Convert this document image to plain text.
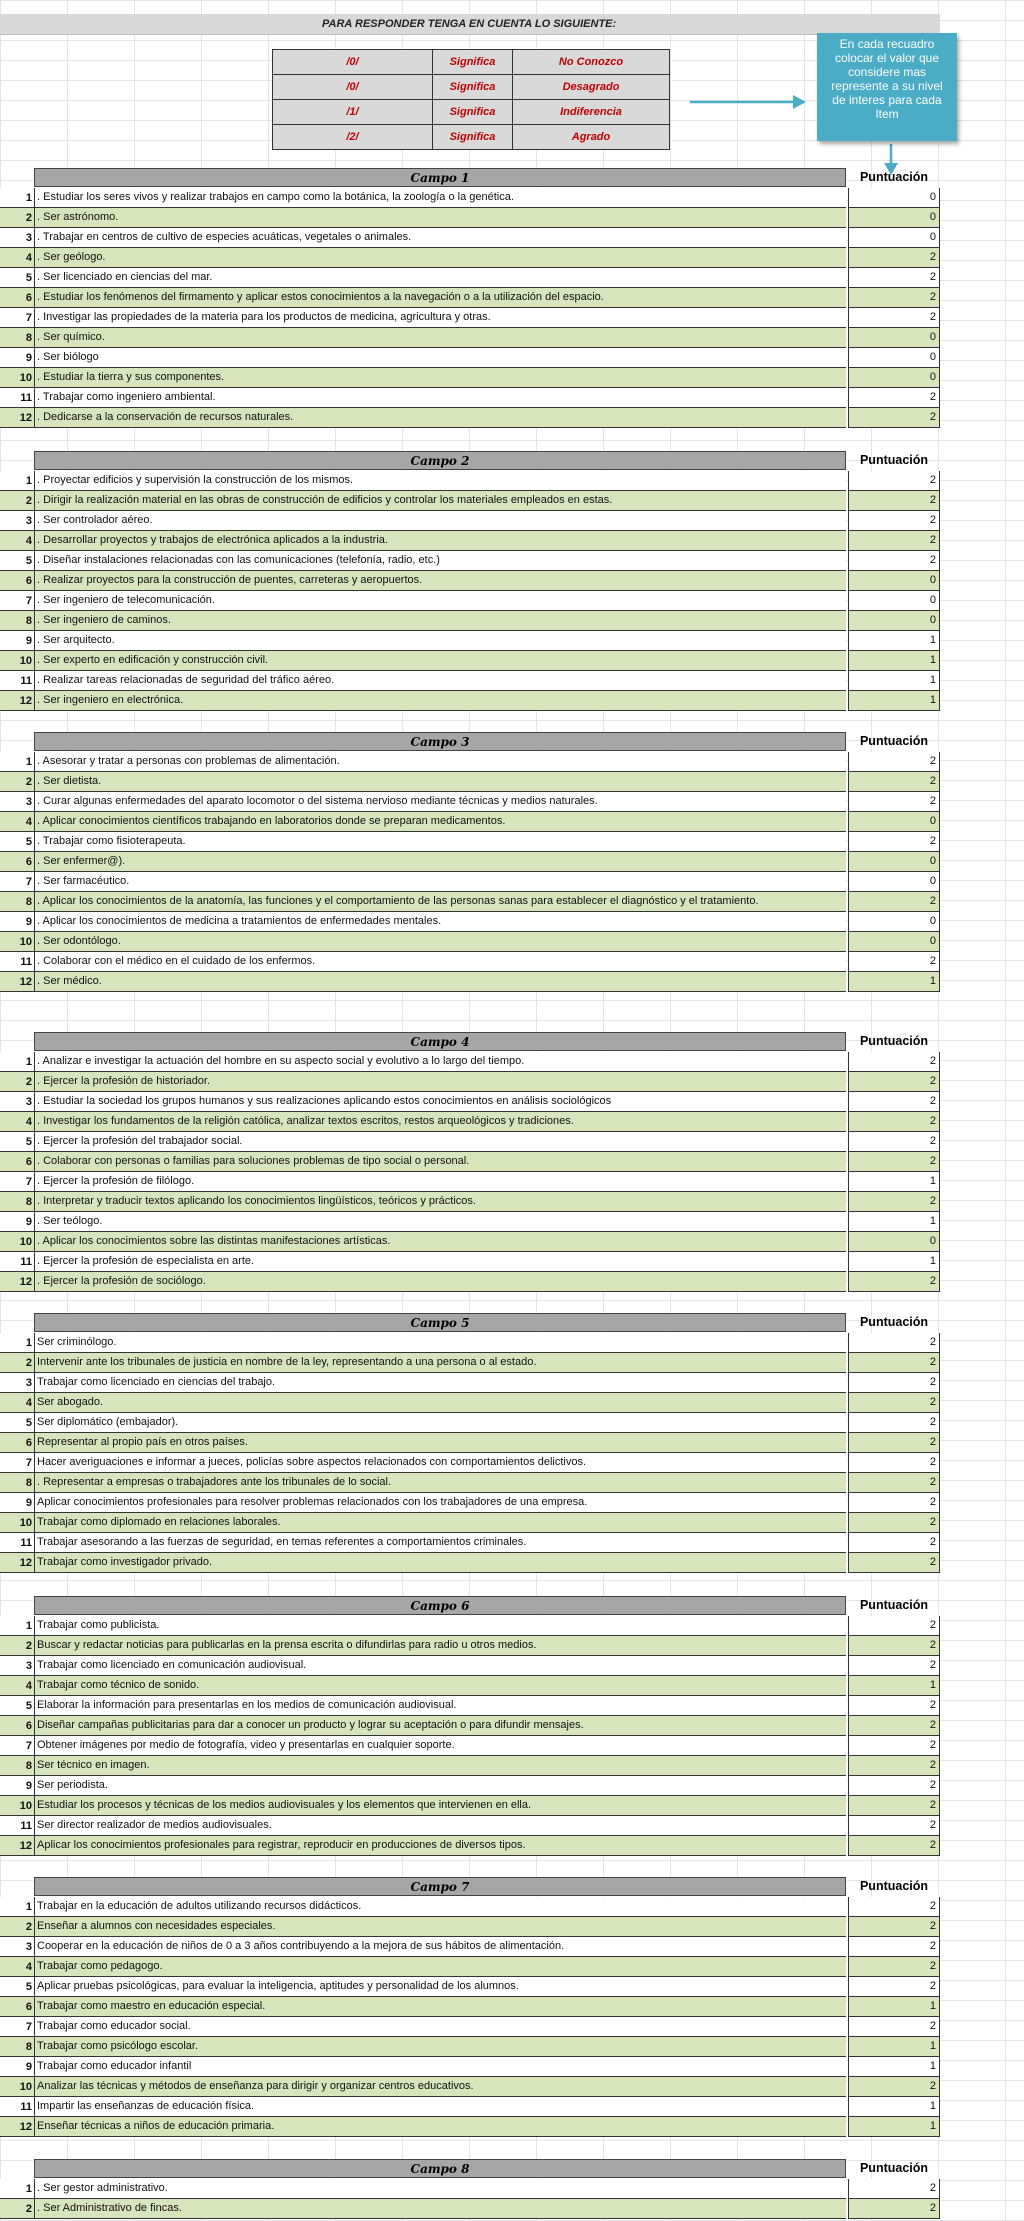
PARA RESPONDER TENGA EN CUENTA LO SIGUIENTE:
/0/	Significa	No Conozco
/0/	Significa	Desagrado
/1/	Significa	Indiferencia
/2/	Significa	Agrado
En cada recuadro colocar el valor que considere mas represente a su nivel de interes para cada Item
Campo 1	Puntuación
1 . Estudiar los seres vivos y realizar trabajos en campo como la botánica, la zoología o la genética.	0
2 . Ser astrónomo.	0
3 . Trabajar en centros de cultivo de especies acuáticas, vegetales o animales.	0
4 . Ser geólogo.	2
5 . Ser licenciado en ciencias del mar.	2
6 . Estudiar los fenómenos del firmamento y aplicar estos conocimientos a la navegación o a la utilización del espacio.	2
7 . Investigar las propiedades de la materia para los productos de medicina, agricultura y otras.	2
8 . Ser químico.	0
9 . Ser biólogo	0
10 . Estudiar la tierra y sus componentes.	0
11 . Trabajar como ingeniero ambiental.	2
12 . Dedicarse a la conservación de recursos naturales.	2
Campo 2	Puntuación
1 . Proyectar edificios y supervisión la construcción de los mismos.	2
2 . Dirigir la realización material en las obras de construcción de edificios y controlar los materiales empleados en estas.	2
3 . Ser controlador aéreo.	2
4 . Desarrollar proyectos y trabajos de electrónica aplicados a la industria.	2
5 . Diseñar instalaciones relacionadas con las comunicaciones (telefonía, radio, etc.)	2
6 . Realizar proyectos para la construcción de puentes, carreteras y aeropuertos.	0
7 . Ser ingeniero de telecomunicación.	0
8 . Ser ingeniero de caminos.	0
9 . Ser arquitecto.	1
10 . Ser experto en edificación y construcción civil.	1
11 . Realizar tareas relacionadas de seguridad del tráfico aéreo.	1
12 . Ser ingeniero en electrónica.	1
Campo 3	Puntuación
1 . Asesorar y tratar a personas con problemas de alimentación.	2
2 . Ser dietista.	2
3 . Curar algunas enfermedades del aparato locomotor o del sistema nervioso mediante técnicas y medios naturales.	2
4 . Aplicar conocimientos científicos trabajando en laboratorios donde se preparan medicamentos.	0
5 . Trabajar como fisioterapeuta.	2
6 . Ser enfermer@).	0
7 . Ser farmacéutico.	0
8 . Aplicar los conocimientos de la anatomía, las funciones y el comportamiento de las personas sanas para establecer el diagnóstico y el tratamiento.	2
9 . Aplicar los conocimientos de medicina a tratamientos de enfermedades mentales.	0
10 . Ser odontólogo.	0
11 . Colaborar con el médico en el cuidado de los enfermos.	2
12 . Ser médico.	1
Campo 4	Puntuación
1 . Analizar e investigar la actuación del hombre en su aspecto social y evolutivo a lo largo del tiempo.	2
2 . Ejercer la profesión de historiador.	2
3 . Estudiar la sociedad los grupos humanos y sus realizaciones aplicando estos conocimientos en análisis sociológicos	2
4 . Investigar los fundamentos de la religión católica, analizar textos escritos, restos arqueológicos y tradiciones.	2
5 . Ejercer la profesión del trabajador social.	2
6 . Colaborar con personas o familias para soluciones problemas de tipo social o personal.	2
7 . Ejercer la profesión de filólogo.	1
8 . Interpretar y traducir textos aplicando los conocimientos lingüísticos, teóricos y prácticos.	2
9 . Ser teólogo.	1
10 . Aplicar los conocimientos sobre las distintas manifestaciones artísticas.	0
11 . Ejercer la profesión de especialista en arte.	1
12 . Ejercer la profesión de sociólogo.	2
Campo 5	Puntuación
1 Ser criminólogo.	2
2 Intervenir ante los tribunales de justicia en nombre de la ley, representando a una persona o al estado.	2
3 Trabajar como licenciado en ciencias del trabajo.	2
4 Ser abogado.	2
5 Ser diplomático (embajador).	2
6 Representar al propio país en otros países.	2
7 Hacer averiguaciones e informar a jueces, policías sobre aspectos relacionados con comportamientos delictivos.	2
8 . Representar a empresas o trabajadores ante los tribunales de lo social.	2
9 Aplicar conocimientos profesionales para resolver problemas relacionados con los trabajadores de una empresa.	2
10 Trabajar como diplomado en relaciones laborales.	2
11 Trabajar asesorando a las fuerzas de seguridad, en temas referentes a comportamientos criminales.	2
12 Trabajar como investigador privado.	2
Campo 6	Puntuación
1 Trabajar como publicista.	2
2 Buscar y redactar noticias para publicarlas en la prensa escrita o difundirlas para radio u otros medios.	2
3 Trabajar como licenciado en comunicación audiovisual.	2
4 Trabajar como técnico de sonido.	1
5 Elaborar la información para presentarlas en los medios de comunicación audiovisual.	2
6 Diseñar campañas publicitarias para dar a conocer un producto y lograr su aceptación o para difundir mensajes.	2
7 Obtener imágenes por medio de fotografía, video y presentarlas en cualquier soporte.	2
8 Ser técnico en imagen.	2
9 Ser periodista.	2
10 Estudiar los procesos y técnicas de los medios audiovisuales y los elementos que intervienen en ella.	2
11 Ser director realizador de medios audiovisuales.	2
12 Aplicar los conocimientos profesionales para registrar, reproducir en producciones de diversos tipos.	2
Campo 7	Puntuación
1 Trabajar en la educación de adultos utilizando recursos didácticos.	2
2 Enseñar a alumnos con necesidades especiales.	2
3 Cooperar en la educación de niños de 0 a 3 años contribuyendo a la mejora de sus hábitos de alimentación.	2
4 Trabajar como pedagogo.	2
5 Aplicar pruebas psicológicas, para evaluar la inteligencia, aptitudes y personalidad de los alumnos.	2
6 Trabajar como maestro en educación especial.	1
7 Trabajar como educador social.	2
8 Trabajar como psicólogo escolar.	1
9 Trabajar como educador infantil	1
10 Analizar las técnicas y métodos de enseñanza para dirigir y organizar centros educativos.	2
11 Impartir las enseñanzas de educación física.	1
12 Enseñar técnicas a niños de educación primaria.	1
Campo 8	Puntuación
1 . Ser gestor administrativo.	2
2 . Ser Administrativo de fincas.	2
